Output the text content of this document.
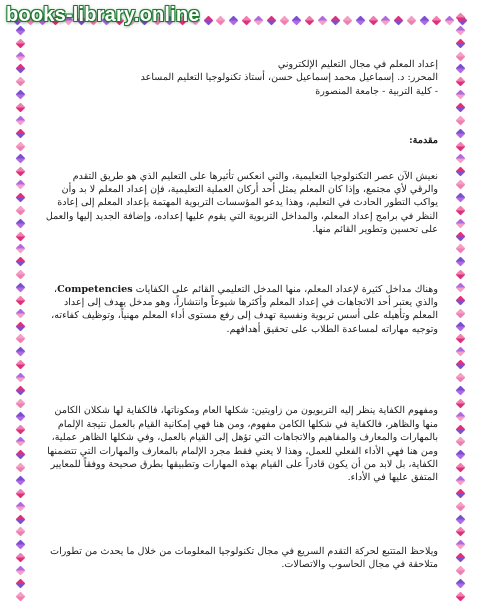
books-library.online

إعداد المعلم في مجال التعليم الإلكتروني

المحرر: د. إسماعيل محمد إسماعيل حسن، أستاذ تكنولوجيا التعليم المساعد

- كلية التربية - جامعة المنصورة

مقدمة:

نعيش الآن عصر التكنولوجيا التعليمية، والتي انعكس تأثيرها على التعليم الذي هو طريق التقدم والرقي لأي مجتمع، وإذا كان المعلم يمثل أحد أركان العملية التعليمية، فإن إعداد المعلم لا بد وأن يواكب التطور الحادث في التعليم، وهذا يدعو المؤسسات التربوية المهتمة بإعداد المعلم إلى إعادة النظر في برامج إعداد المعلم، والمداخل التربوية التي يقوم عليها إعداده، وإضافة الجديد إليها والعمل على تحسين وتطوير القائم منها.

وهناك مداخل كثيرة لإعداد المعلم، منها المدخل التعليمي القائم على الكفايات Competencies، والذي يعتبر أحد الاتجاهات في إعداد المعلم وأكثرها شيوعاً وانتشاراً، وهو مدخل يهدف إلى إعداد المعلم وتأهيله على أسس تربوية ونفسية تهدف إلى رفع مستوى أداء المعلم مهنياً، وتوظيف كفاءته، وتوجيه مهاراته لمساعدة الطلاب على تحقيق أهدافهم.

ومفهوم الكفاية ينظر إليه التربويون من زاويتين: شكلها العام ومكوناتها، فالكفاية لها شكلان الكامن منها والظاهر، فالكفاية في شكلها الكامن مفهوم، ومن هنا فهي إمكانية القيام بالعمل نتيجة الإلمام بالمهارات والمعارف والمفاهيم والاتجاهات التي تؤهل إلى القيام بالعمل، وفي شكلها الظاهر عملية، ومن هنا فهي الأداء الفعلي للعمل، وهذا لا يعني فقط مجرد الإلمام بالمعارف والمهارات التي تتضمنها الكفاية، بل لابد من أن يكون قادراً على القيام بهذه المهارات وتطبيقها بطرق صحيحة ووفقاً للمعايير المتفق عليها في الأداء.

ويلاحظ المتتبع لحركة التقدم السريع في مجال تكنولوجيا المعلومات من خلال ما يحدث من تطورات متلاحقة في مجال الحاسوب والاتصالات.
